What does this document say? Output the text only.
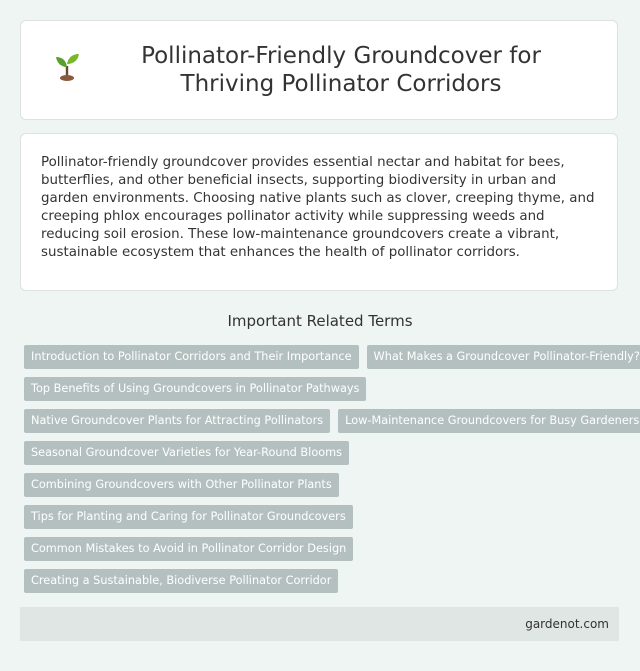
Pollinator-Friendly Groundcover for Thriving Pollinator Corridors

Pollinator-friendly groundcover provides essential nectar and habitat for bees, butterflies, and other beneficial insects, supporting biodiversity in urban and garden environments. Choosing native plants such as clover, creeping thyme, and creeping phlox encourages pollinator activity while suppressing weeds and reducing soil erosion. These low-maintenance groundcovers create a vibrant, sustainable ecosystem that enhances the health of pollinator corridors.

Important Related Terms
Introduction to Pollinator Corridors and Their Importance	What Makes a Groundcover Pollinator-Friendly?
Top Benefits of Using Groundcovers in Pollinator Pathways
Native Groundcover Plants for Attracting Pollinators	Low-Maintenance Groundcovers for Busy Gardeners
Seasonal Groundcover Varieties for Year-Round Blooms
Combining Groundcovers with Other Pollinator Plants
Tips for Planting and Caring for Pollinator Groundcovers
Common Mistakes to Avoid in Pollinator Corridor Design
Creating a Sustainable, Biodiverse Pollinator Corridor
gardenot.com
